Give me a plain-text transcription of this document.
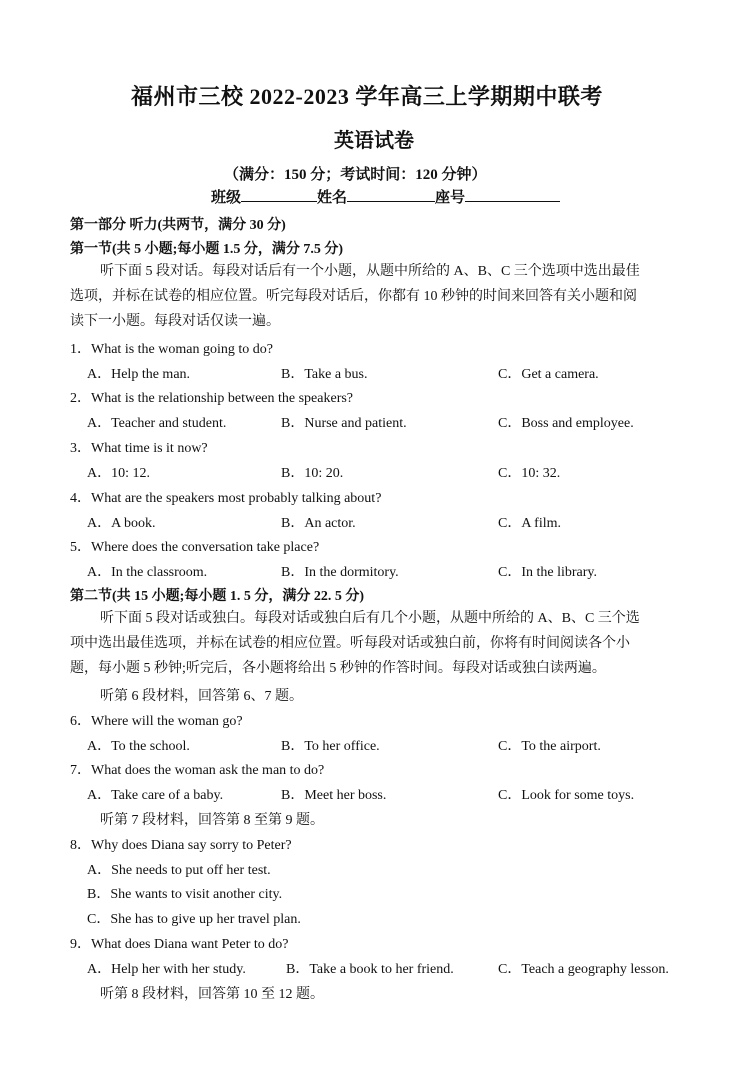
福州市三校 2022-2023 学年高三上学期期中联考
英语试卷
（满分：150 分；考试时间：120 分钟）
班级	姓名	座号
第一部分 听力(共两节，满分 30 分)
第一节(共 5 小题;每小题 1.5 分，满分 7.5 分)
听下面 5 段对话。每段对话后有一个小题，从题中所给的 A、B、C 三个选项中选出最佳
选项，并标在试卷的相应位置。听完每段对话后，你都有 10 秒钟的时间来回答有关小题和阅
读下一小题。每段对话仅读一遍。
1．What is the woman going to do?
A．Help the man.	B．Take a bus.	C．Get a camera.
2．What is the relationship between the speakers?
A．Teacher and student.	B．Nurse and patient.	C．Boss and employee.
3．What time is it now?
A．10: 12.	B．10: 20.	C．10: 32.
4．What are the speakers most probably talking about?
A．A book.	B．An actor.	C．A film.
5．Where does the conversation take place?
A．In the classroom.	B．In the dormitory.	C．In the library.
第二节(共 15 小题;每小题 1. 5 分，满分 22. 5 分)
听下面 5 段对话或独白。每段对话或独白后有几个小题，从题中所给的 A、B、C 三个选
项中选出最佳选项，并标在试卷的相应位置。听每段对话或独白前，你将有时间阅读各个小
题，每小题 5 秒钟;听完后，各小题将给出 5 秒钟的作答时间。每段对话或独白读两遍。
听第 6 段材料，回答第 6、7 题。
6．Where will the woman go?
A．To the school.	B．To her office.	C．To the airport.
7．What does the woman ask the man to do?
A．Take care of a baby.	B．Meet her boss.	C．Look for some toys.
听第 7 段材料，回答第 8 至第 9 题。
8．Why does Diana say sorry to Peter?
A．She needs to put off her test.
B．She wants to visit another city.
C．She has to give up her travel plan.
9．What does Diana want Peter to do?
A．Help her with her study.	B．Take a book to her friend.	C．Teach a geography lesson.
听第 8 段材料，回答第 10 至 12 题。
